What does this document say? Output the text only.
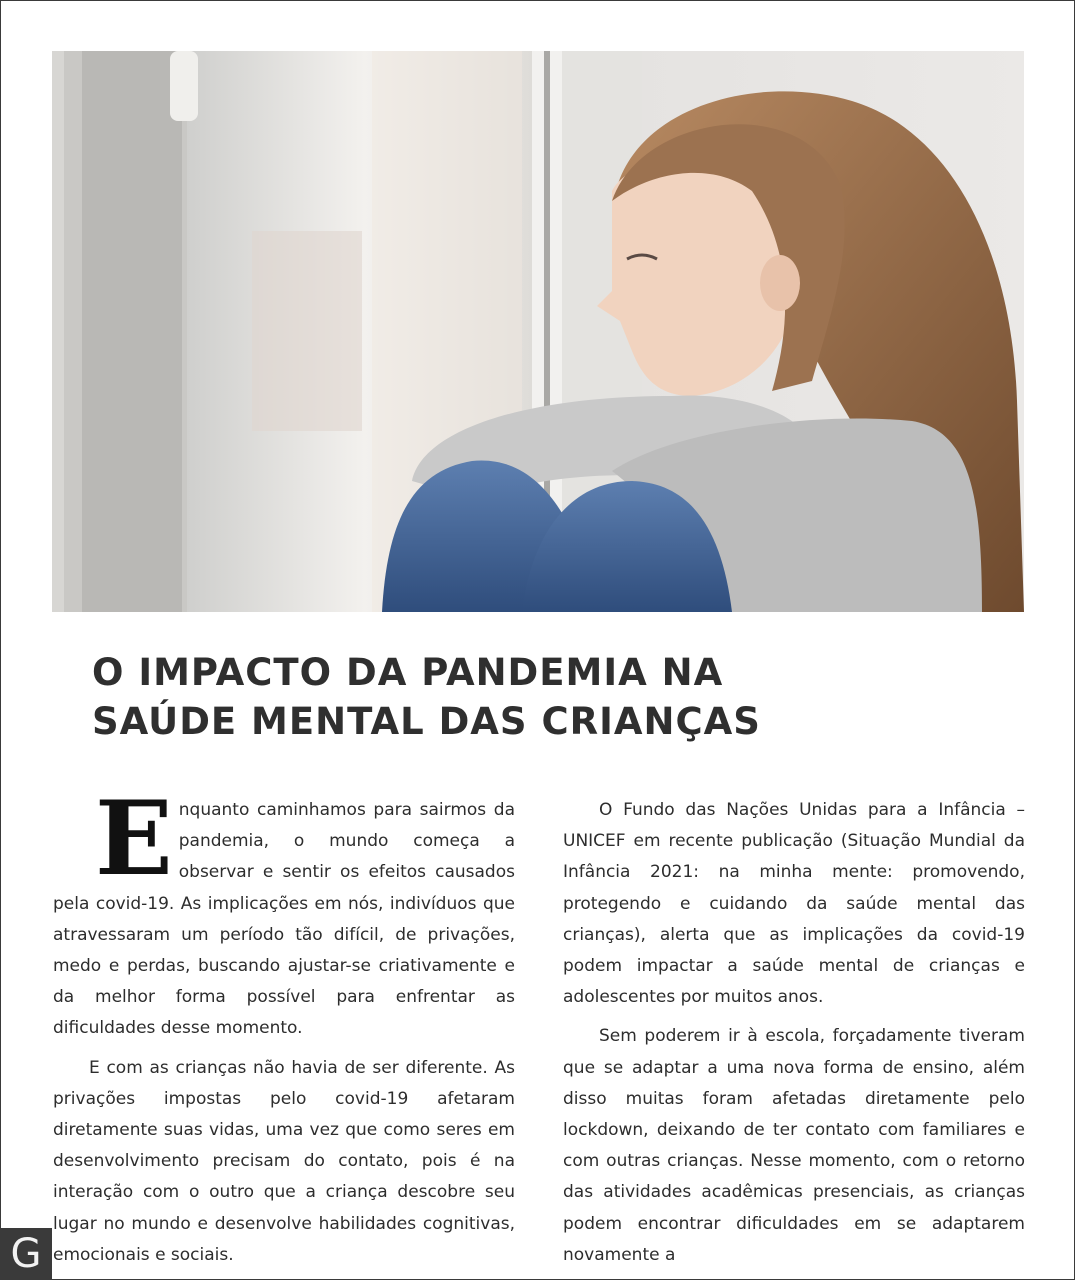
O IMPACTO DA PANDEMIA NA
SAÚDE MENTAL DAS CRIANÇAS

Enquanto caminhamos para sairmos da pandemia, o mundo começa a observar e sentir os efeitos causados pela covid-19. As implicações em nós, indivíduos que atravessaram um período tão difícil, de privações, medo e perdas, buscando ajustar-se criativamente e da melhor forma possível para enfrentar as dificuldades desse momento.

E com as crianças não havia de ser diferente. As privações impostas pelo covid-19 afetaram diretamente suas vidas, uma vez que como seres em desenvolvimento precisam do contato, pois é na interação com o outro que a criança descobre seu lugar no mundo e desenvolve habilidades cognitivas, emocionais e sociais.

O Fundo das Nações Unidas para a Infância – UNICEF em recente publicação (Situação Mundial da Infância 2021: na minha mente: promovendo, protegendo e cuidando da saúde mental das crianças), alerta que as implicações da covid-19 podem impactar a saúde mental de crianças e adolescentes por muitos anos.

Sem poderem ir à escola, forçadamente tiveram que se adaptar a uma nova forma de ensino, além disso muitas foram afetadas diretamente pelo lockdown, deixando de ter contato com familiares e com outras crianças. Nesse momento, com o retorno das atividades acadêmicas presenciais, as crianças podem encontrar dificuldades em se adaptarem novamente a

G
